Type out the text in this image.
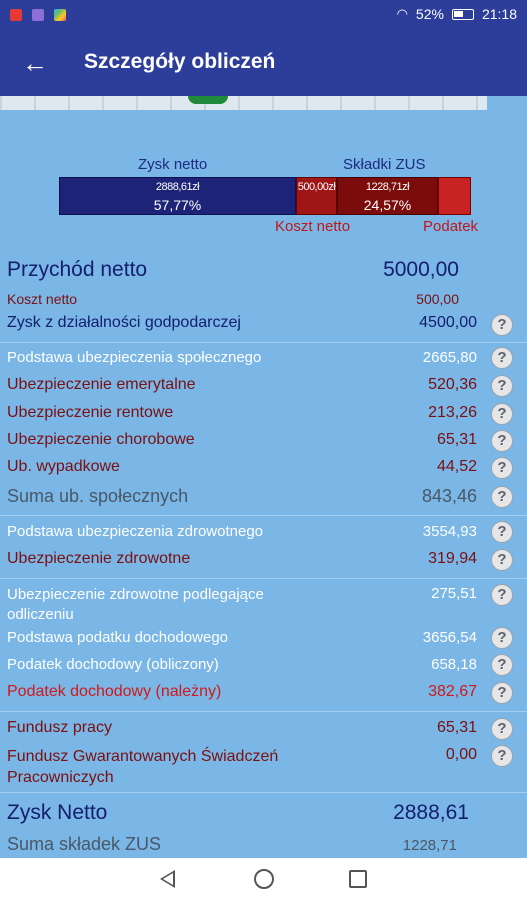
◠ 52%	21:18
← Szczegóły obliczeń
Zysk netto	Składki ZUS
2888,61zł
57,77%
500,00zł	1228,71zł
24,57%
Koszt netto	Podatek
Przychód netto	5000,00
Koszt netto	500,00
Zysk z działalności godpodarczej	4500,00	?
Podstawa ubezpieczenia społecznego	2665,80	?
Ubezpieczenie emerytalne	520,36	?
Ubezpieczenie rentowe	213,26	?
Ubezpieczenie chorobowe	65,31	?
Ub. wypadkowe	44,52	?
Suma ub. społecznych	843,46	?
Podstawa ubezpieczenia zdrowotnego	3554,93	?
Ubezpieczenie zdrowotne	319,94	?
Ubezpieczenie zdrowotne podlegające odliczeniu
275,51	?
Podstawa podatku dochodowego	3656,54	?
Podatek dochodowy (obliczony)	658,18	?
Podatek dochodowy (należny)	382,67	?
Fundusz pracy	65,31	?
Fundusz Gwarantowanych Świadczeń Pracowniczych
0,00	?
Zysk Netto	2888,61
Suma składek ZUS	1228,71
